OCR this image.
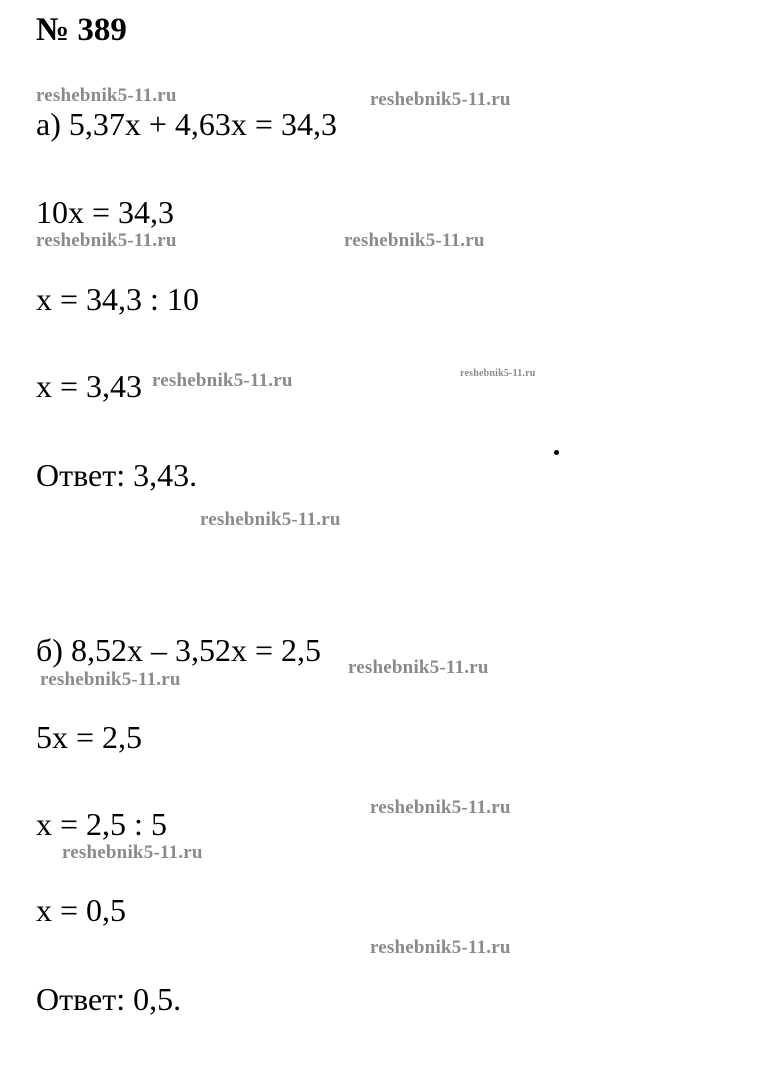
№ 389
а) 5,37x + 4,63x = 34,3
10x = 34,3
x = 34,3 : 10
x = 3,43
Ответ: 3,43.
б) 8,52x – 3,52x = 2,5
5x = 2,5
x = 2,5 : 5
x = 0,5
Ответ: 0,5.
reshebnik5-11.ru	reshebnik5-11.ru
reshebnik5-11.ru	reshebnik5-11.ru
reshebnik5-11.ru	reshebnik5-11.ru
reshebnik5-11.ru
reshebnik5-11.ru
reshebnik5-11.ru
reshebnik5-11.ru
reshebnik5-11.ru
reshebnik5-11.ru
